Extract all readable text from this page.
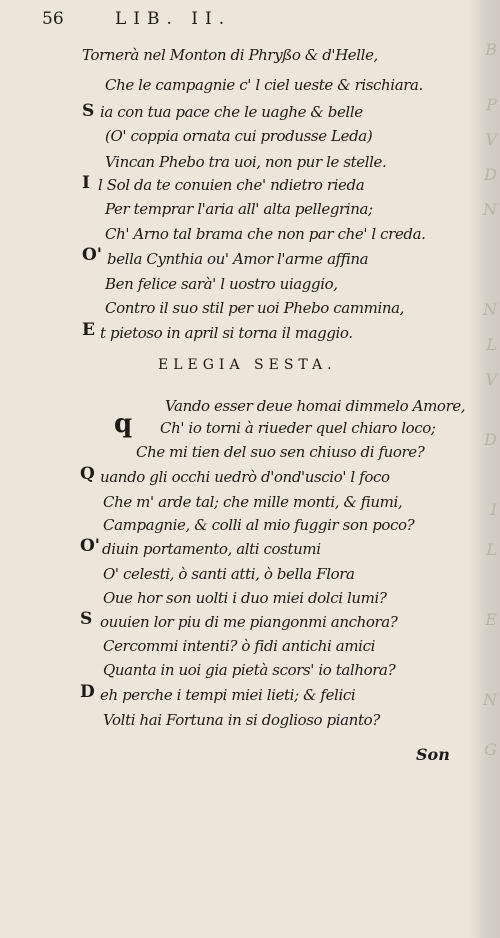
B
P
V
D
N
N
L
V
D
I
L
E
N
G
56	LIB. II.
Tornerà nel Monton di Phryßo & d'Helle,
Che le campagnie c' l ciel ueste & rischiara.
S ia con tua pace che le uaghe & belle
(O' coppia ornata cui produsse Leda)
Vincan Phebo tra uoi, non pur le stelle.
I l Sol da te conuien che' ndietro rieda
Per temprar l'aria all' alta pellegrina;
Ch' Arno tal brama che non par che' l creda.
O' bella Cynthia ou' Amor l'arme affina
Ben felice sarà' l uostro uiaggio,
Contro il suo stil per uoi Phebo cammina,
E t pietoso in april si torna il maggio.
ELEGIA SESTA.
q
Vando esser deue homai dimmelo Amore,
Ch' io torni à riueder quel chiaro loco;
Che mi tien del suo sen chiuso di fuore?
Q uando gli occhi uedrò d'ond'uscio' l foco
Che m' arde tal; che mille monti, & fiumi,
Campagnie, & colli al mio fuggir son poco?
O' diuin portamento, alti costumi
O' celesti, ò santi atti, ò bella Flora
Oue hor son uolti i duo miei dolci lumi?
S ouuien lor piu di me piangonmi anchora?
Cercommi intenti? ò fidi antichi amici
Quanta in uoi gia pietà scors' io talhora?
D eh perche i tempi miei lieti; & felici
Volti hai Fortuna in si doglioso pianto?
Son
